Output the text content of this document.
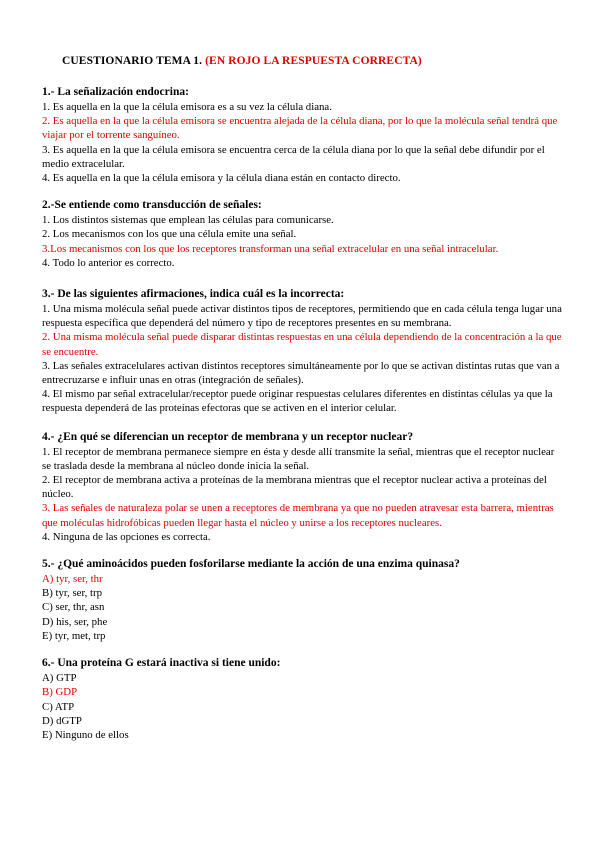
CUESTIONARIO TEMA 1. (EN ROJO LA RESPUESTA CORRECTA)
1.- La señalización endocrina:
1. Es aquella en la que la célula emisora es a su vez la célula diana.
2. Es aquella en la que la célula emisora se encuentra alejada de la célula diana, por lo que la molécula señal tendrá que viajar por el torrente sanguíneo.
3. Es aquella en la que la célula emisora se encuentra cerca de la célula diana por lo que la señal debe difundir por el medio extracelular.
4. Es aquella en la que la célula emisora y la célula diana están en contacto directo.
2.-Se entiende como transducción de señales:
1. Los distintos sistemas que emplean las células para comunicarse.
2. Los mecanismos con los que una célula emite una señal.
3.Los mecanismos con los que los receptores transforman una señal extracelular en una señal intracelular.
4. Todo lo anterior es correcto.
3.- De las siguientes afirmaciones, indica cuál es la incorrecta:
1. Una misma molécula señal puede activar distintos tipos de receptores, permitiendo que en cada célula tenga lugar una respuesta específica que dependerá del número y tipo de receptores presentes en su membrana.
2. Una misma molécula señal puede disparar distintas respuestas en una célula dependiendo de la concentración a la que se encuentre.
3. Las señales extracelulares activan distintos receptores simultáneamente por lo que se activan distintas rutas que van a entrecruzarse e influir unas en otras (integración de señales).
4. El mismo par señal extracelular/receptor puede originar respuestas celulares diferentes en distintas células ya que la respuesta dependerá de las proteínas efectoras que se activen en el interior celular.
4.- ¿En qué se diferencian un receptor de membrana y un receptor nuclear?
1. El receptor de membrana permanece siempre en ésta y desde allí transmite la señal, mientras que el receptor nuclear se traslada desde la membrana al núcleo donde inicia la señal.
2. El receptor de membrana activa a proteínas de la membrana mientras que el receptor nuclear activa a proteínas del núcleo.
3. Las señales de naturaleza polar se unen a receptores de membrana ya que no pueden atravesar esta barrera, mientras que moléculas hidrofóbicas pueden llegar hasta el núcleo y unirse a los receptores nucleares.
4. Ninguna de las opciones es correcta.
5.- ¿Qué aminoácidos pueden fosforilarse mediante la acción de una enzima quinasa?
A) tyr, ser, thr
B) tyr, ser, trp
C) ser, thr, asn
D) his, ser, phe
E) tyr, met, trp
6.- Una proteína G estará inactiva si tiene unido:
A) GTP
B) GDP
C) ATP
D) dGTP
E) Ninguno de ellos
